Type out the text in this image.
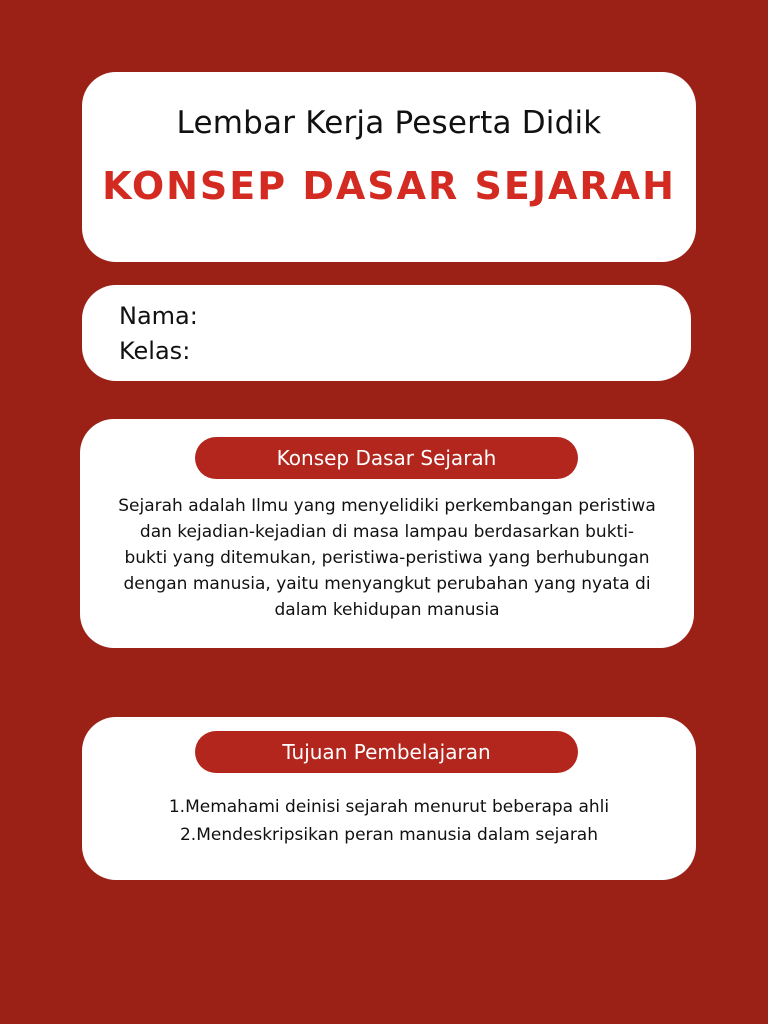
Lembar Kerja Peserta Didik
KONSEP DASAR SEJARAH
Nama:
Kelas:
Konsep Dasar Sejarah
Sejarah adalah Ilmu yang menyelidiki perkembangan peristiwa
dan kejadian-kejadian di masa lampau berdasarkan bukti-
bukti yang ditemukan, peristiwa-peristiwa yang berhubungan
dengan manusia, yaitu menyangkut perubahan yang nyata di
dalam kehidupan manusia
Tujuan Pembelajaran
1.Memahami deinisi sejarah menurut beberapa ahli
2.Mendeskripsikan peran manusia dalam sejarah
